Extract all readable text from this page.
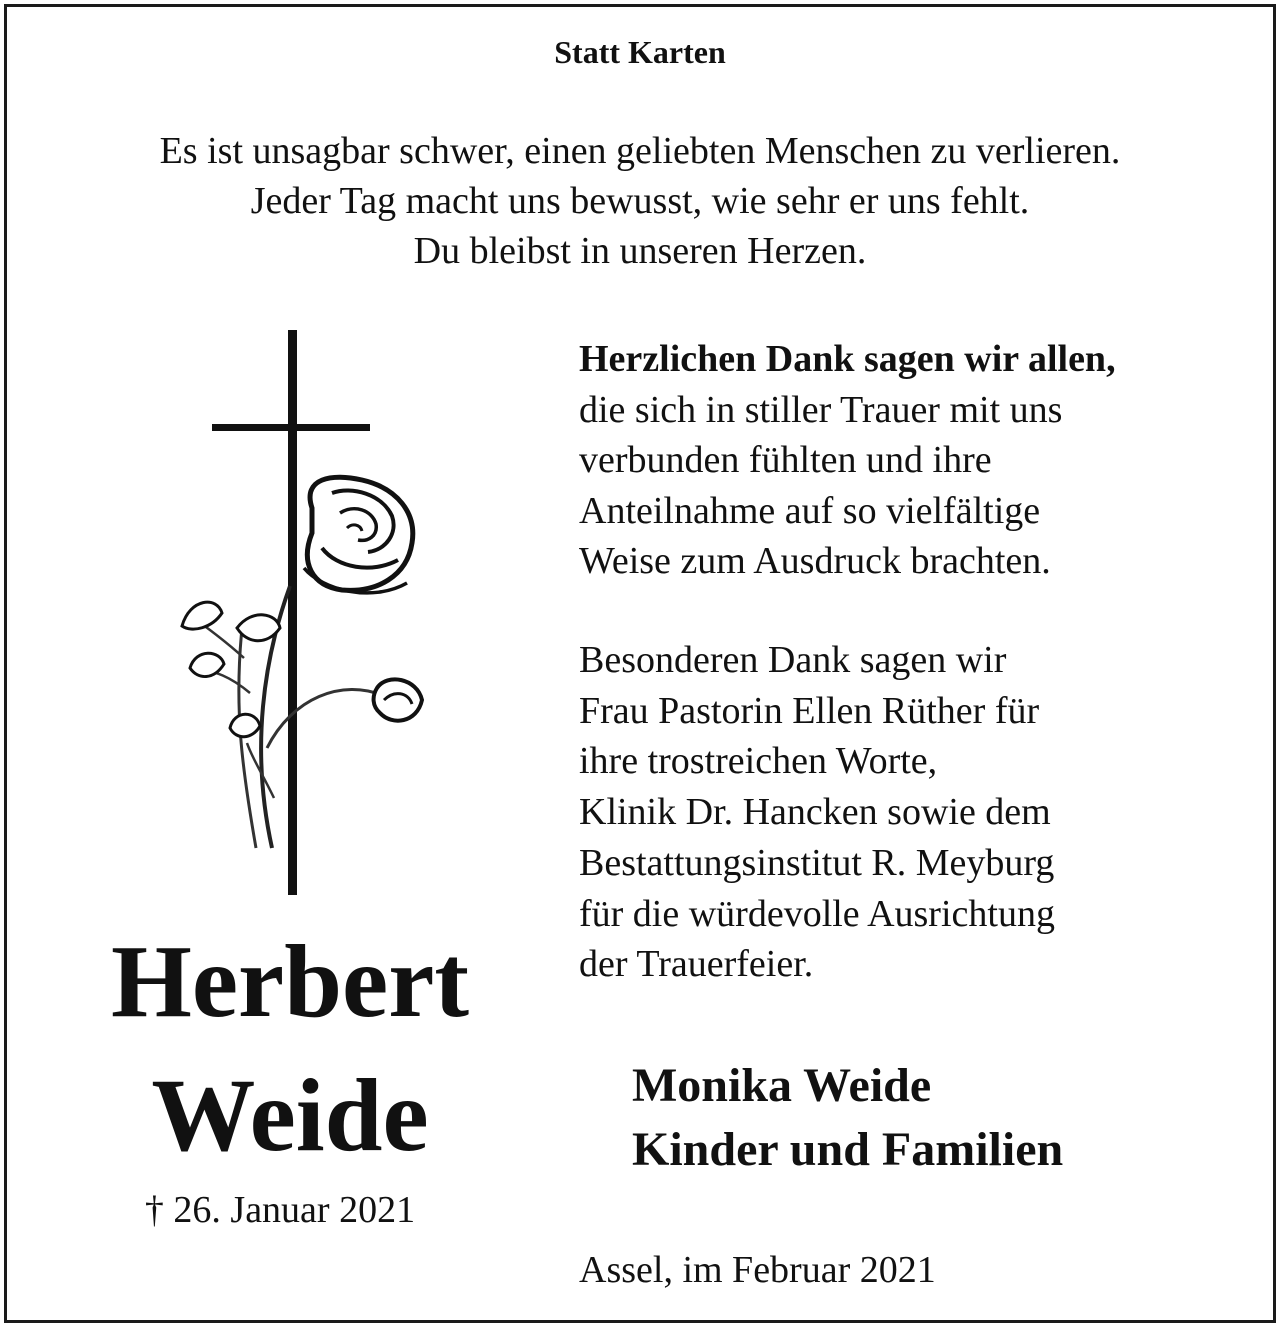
Statt Karten

Es ist unsagbar schwer, einen geliebten Menschen zu verlieren.
Jeder Tag macht uns bewusst, wie sehr er uns fehlt.
Du bleibst in unseren Herzen.
Herzlichen Dank sagen wir allen,
die sich in stiller Trauer mit uns
verbunden fühlten und ihre
Anteilnahme auf so vielfältige
Weise zum Ausdruck brachten.
Besonderen Dank sagen wir
Frau Pastorin Ellen Rüther für
ihre trostreichen Worte,
Klinik Dr. Hancken sowie dem
Bestattungsinstitut R. Meyburg
für die würdevolle Ausrichtung
der Trauerfeier.

Herbert

Weide

† 26. Januar 2021

Monika Weide
Kinder und Familien

Assel, im Februar 2021
